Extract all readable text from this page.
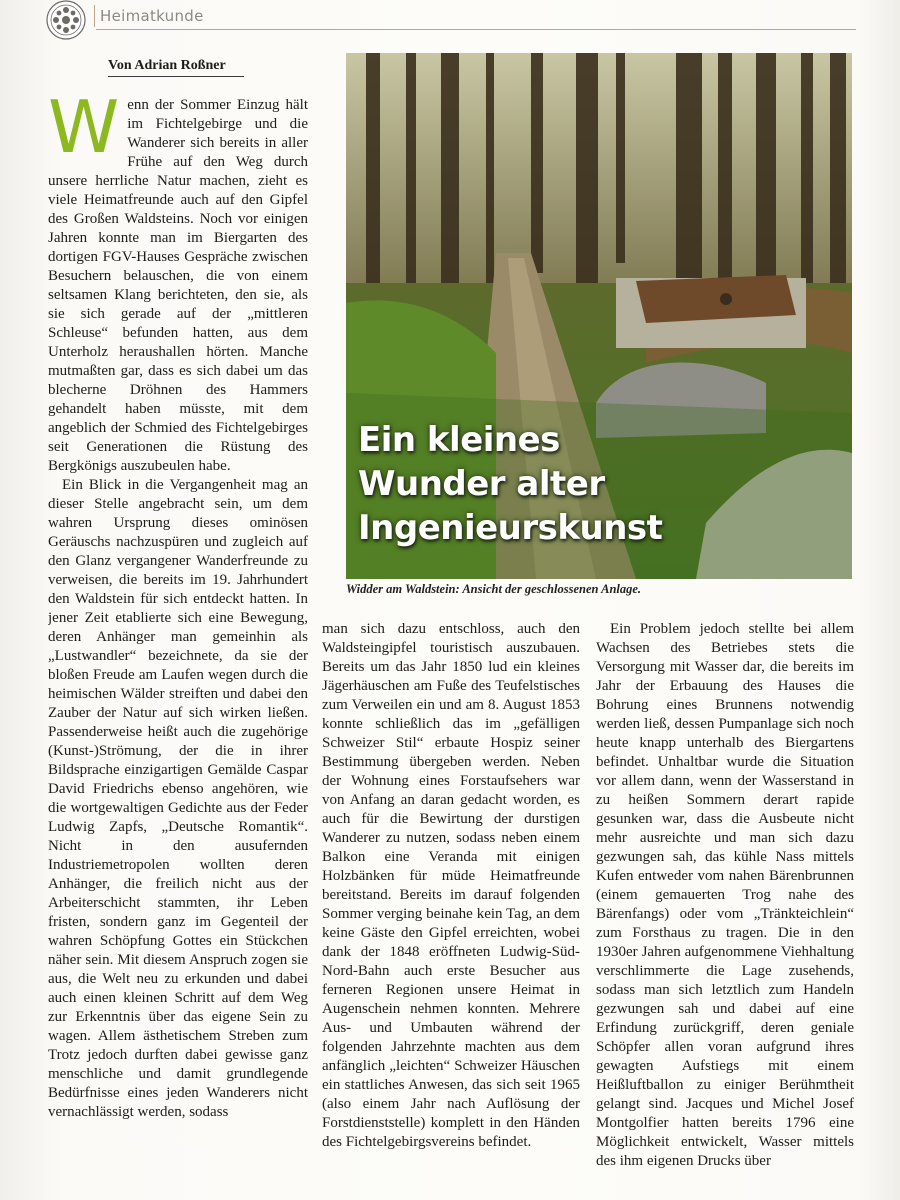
Heimatkunde
Von Adrian Roßner

Wenn der Sommer Einzug hält im Fichtelgebirge und die Wanderer sich bereits in aller Frühe auf den Weg durch unsere herrliche Natur machen, zieht es viele Heimatfreunde auch auf den Gipfel des Großen Waldsteins. Noch vor einigen Jahren konnte man im Biergarten des dortigen FGV-Hauses Gespräche zwischen Besuchern belauschen, die von einem seltsamen Klang berichteten, den sie, als sie sich gerade auf der „mittleren Schleuse“ befunden hatten, aus dem Unterholz heraushallen hörten. Manche mutmaßten gar, dass es sich dabei um das blecherne Dröhnen des Hammers gehandelt haben müsste, mit dem angeblich der Schmied des Fichtelgebirges seit Generationen die Rüstung des Bergkönigs auszubeulen habe.

Ein Blick in die Vergangenheit mag an dieser Stelle angebracht sein, um dem wahren Ursprung dieses ominösen Geräuschs nachzuspüren und zugleich auf den Glanz vergangener Wanderfreunde zu verweisen, die bereits im 19. Jahrhundert den Waldstein für sich entdeckt hatten. In jener Zeit etablierte sich eine Bewegung, deren Anhänger man gemeinhin als „Lustwandler“ bezeichnete, da sie der bloßen Freude am Laufen wegen durch die heimischen Wälder streiften und dabei den Zauber der Natur auf sich wirken ließen. Passenderweise heißt auch die zugehörige (Kunst-)Strömung, der die in ihrer Bildsprache einzigartigen Gemälde Caspar David Friedrichs ebenso angehören, wie die wortgewaltigen Gedichte aus der Feder Ludwig Zapfs, „Deutsche Romantik“. Nicht in den ausufernden Industriemetropolen wollten deren Anhänger, die freilich nicht aus der Arbeiterschicht stammten, ihr Leben fristen, sondern ganz im Gegenteil der wahren Schöpfung Gottes ein Stückchen näher sein. Mit diesem Anspruch zogen sie aus, die Welt neu zu erkunden und dabei auch einen kleinen Schritt auf dem Weg zur Erkenntnis über das eigene Sein zu wagen. Allem ästhetischem Streben zum Trotz jedoch durften dabei gewisse ganz menschliche und damit grundlegende Bedürfnisse eines jeden Wanderers nicht vernachlässigt werden, sodass

Ein kleines
Wunder alter
Ingenieurskunst
Widder am Waldstein: Ansicht der geschlossenen Anlage.

man sich dazu entschloss, auch den Waldsteingipfel touristisch auszubauen. Bereits um das Jahr 1850 lud ein kleines Jägerhäuschen am Fuße des Teufelstisches zum Verweilen ein und am 8. August 1853 konnte schließlich das im „gefälligen Schweizer Stil“ erbaute Hospiz seiner Bestimmung übergeben werden. Neben der Wohnung eines Forstaufsehers war von Anfang an daran gedacht worden, es auch für die Bewirtung der durstigen Wanderer zu nutzen, sodass neben einem Balkon eine Veranda mit einigen Holzbänken für müde Heimatfreunde bereitstand. Bereits im darauf folgenden Sommer verging beinahe kein Tag, an dem keine Gäste den Gipfel erreichten, wobei dank der 1848 eröffneten Ludwig-Süd-Nord-Bahn auch erste Besucher aus ferneren Regionen unsere Heimat in Augenschein nehmen konnten. Mehrere Aus- und Umbauten während der folgenden Jahrzehnte machten aus dem anfänglich „leichten“ Schweizer Häuschen ein stattliches Anwesen, das sich seit 1965 (also einem Jahr nach Auflösung der Forstdienststelle) komplett in den Händen des Fichtelgebirgsvereins befindet.

Ein Problem jedoch stellte bei allem Wachsen des Betriebes stets die Versorgung mit Wasser dar, die bereits im Jahr der Erbauung des Hauses die Bohrung eines Brunnens notwendig werden ließ, dessen Pumpanlage sich noch heute knapp unterhalb des Biergartens befindet. Unhaltbar wurde die Situation vor allem dann, wenn der Wasserstand in zu heißen Sommern derart rapide gesunken war, dass die Ausbeute nicht mehr ausreichte und man sich dazu gezwungen sah, das kühle Nass mittels Kufen entweder vom nahen Bärenbrunnen (einem gemauerten Trog nahe des Bärenfangs) oder vom „Tränkteichlein“ zum Forsthaus zu tragen. Die in den 1930er Jahren aufgenommene Viehhaltung verschlimmerte die Lage zusehends, sodass man sich letztlich zum Handeln gezwungen sah und dabei auf eine Erfindung zurückgriff, deren geniale Schöpfer allen voran aufgrund ihres gewagten Aufstiegs mit einem Heißluftballon zu einiger Berühmtheit gelangt sind. Jacques und Michel Josef Montgolfier hatten bereits 1796 eine Möglichkeit entwickelt, Wasser mittels des ihm eigenen Drucks über
